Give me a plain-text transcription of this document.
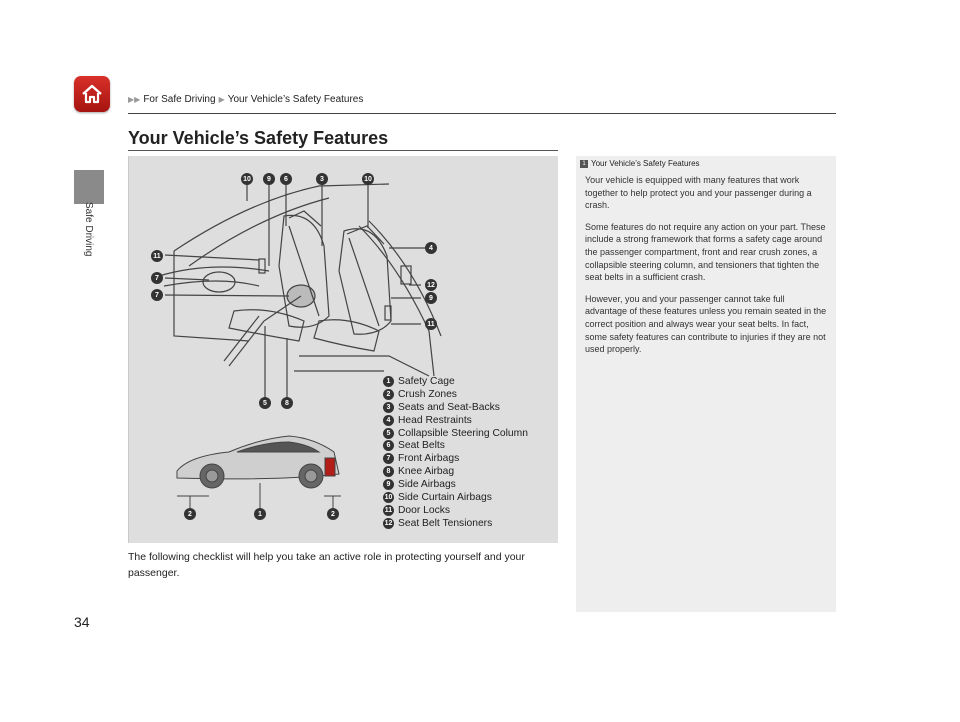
▶▶ For Safe Driving ▶ Your Vehicle’s Safety Features
Safe Driving
34
Your Vehicle’s Safety Features
10	9	6	3	10
4
11
12
9
7
7
11
5	8
2	1	2
1 Safety Cage
2 Crush Zones
3 Seats and Seat-Backs
4 Head Restraints
5 Collapsible Steering Column
6 Seat Belts
7 Front Airbags
8 Knee Airbag
9 Side Airbags
10 Side Curtain Airbags
11 Door Locks
12 Seat Belt Tensioners
The following checklist will help you take an active role in protecting yourself and your passenger.
1 Your Vehicle’s Safety Features

Your vehicle is equipped with many features that work together to help protect you and your passenger during a crash.

Some features do not require any action on your part. These include a strong framework that forms a safety cage around the passenger compartment, front and rear crush zones, a collapsible steering column, and tensioners that tighten the seat belts in a sufficient crash.

However, you and your passenger cannot take full advantage of these features unless you remain seated in the correct position and always wear your seat belts. In fact, some safety features can contribute to injuries if they are not used properly.
